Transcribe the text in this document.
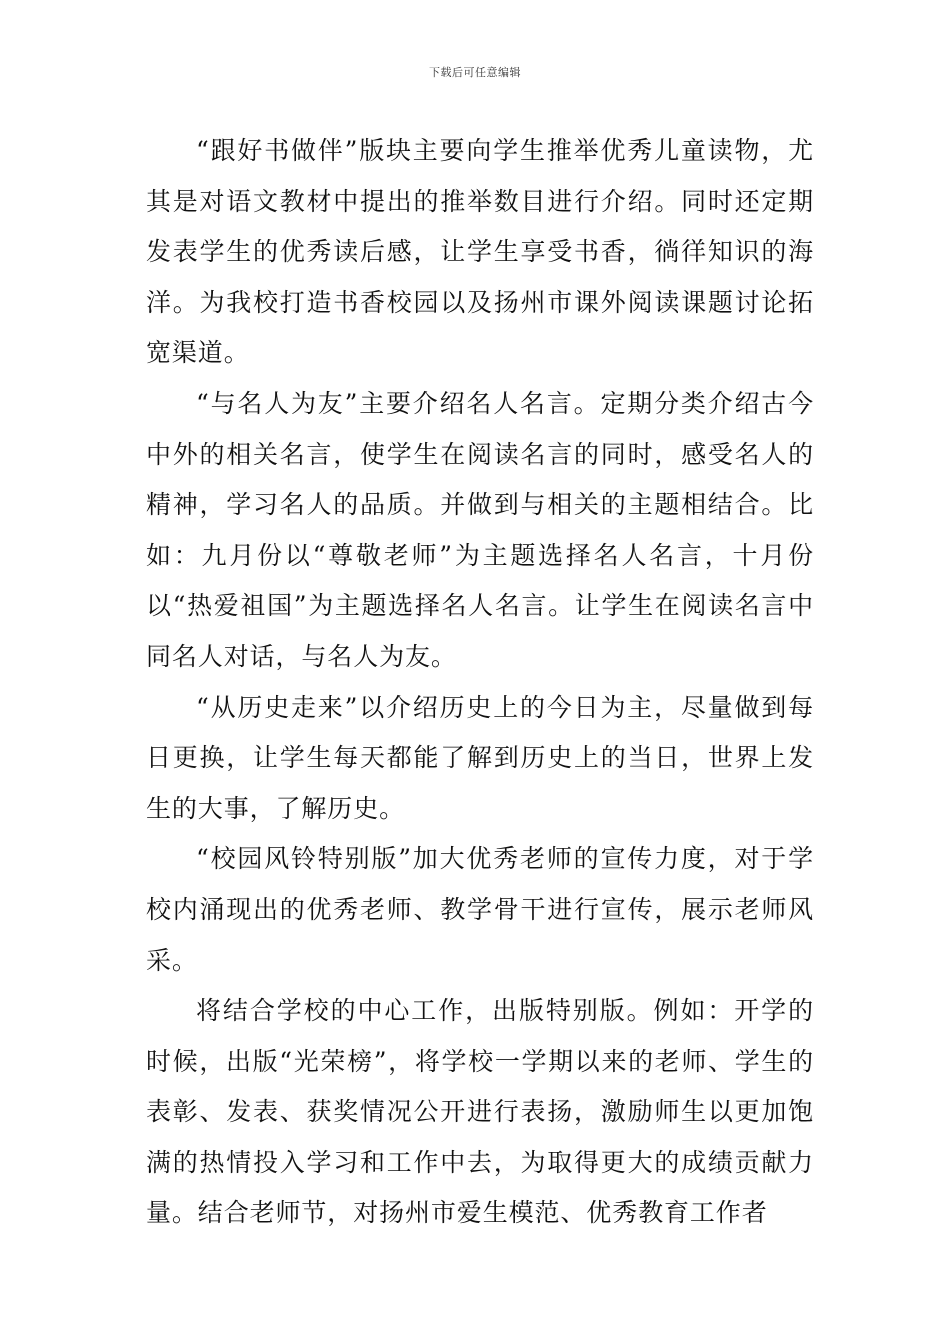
下载后可任意编辑

“跟好书做伴”版块主要向学生推举优秀儿童读物，尤其是对语文教材中提出的推举数目进行介绍。同时还定期发表学生的优秀读后感，让学生享受书香，徜徉知识的海洋。为我校打造书香校园以及扬州市课外阅读课题讨论拓宽渠道。

“与名人为友”主要介绍名人名言。定期分类介绍古今中外的相关名言，使学生在阅读名言的同时，感受名人的精神，学习名人的品质。并做到与相关的主题相结合。比如：九月份以“尊敬老师”为主题选择名人名言，十月份以“热爱祖国”为主题选择名人名言。让学生在阅读名言中同名人对话，与名人为友。

“从历史走来”以介绍历史上的今日为主，尽量做到每日更换，让学生每天都能了解到历史上的当日，世界上发生的大事，了解历史。

“校园风铃特别版”加大优秀老师的宣传力度，对于学校内涌现出的优秀老师、教学骨干进行宣传，展示老师风采。

将结合学校的中心工作，出版特别版。例如：开学的时候，出版“光荣榜”，将学校一学期以来的老师、学生的表彰、发表、获奖情况公开进行表扬，激励师生以更加饱满的热情投入学习和工作中去，为取得更大的成绩贡献力量。结合老师节，对扬州市爱生模范、优秀教育工作者
